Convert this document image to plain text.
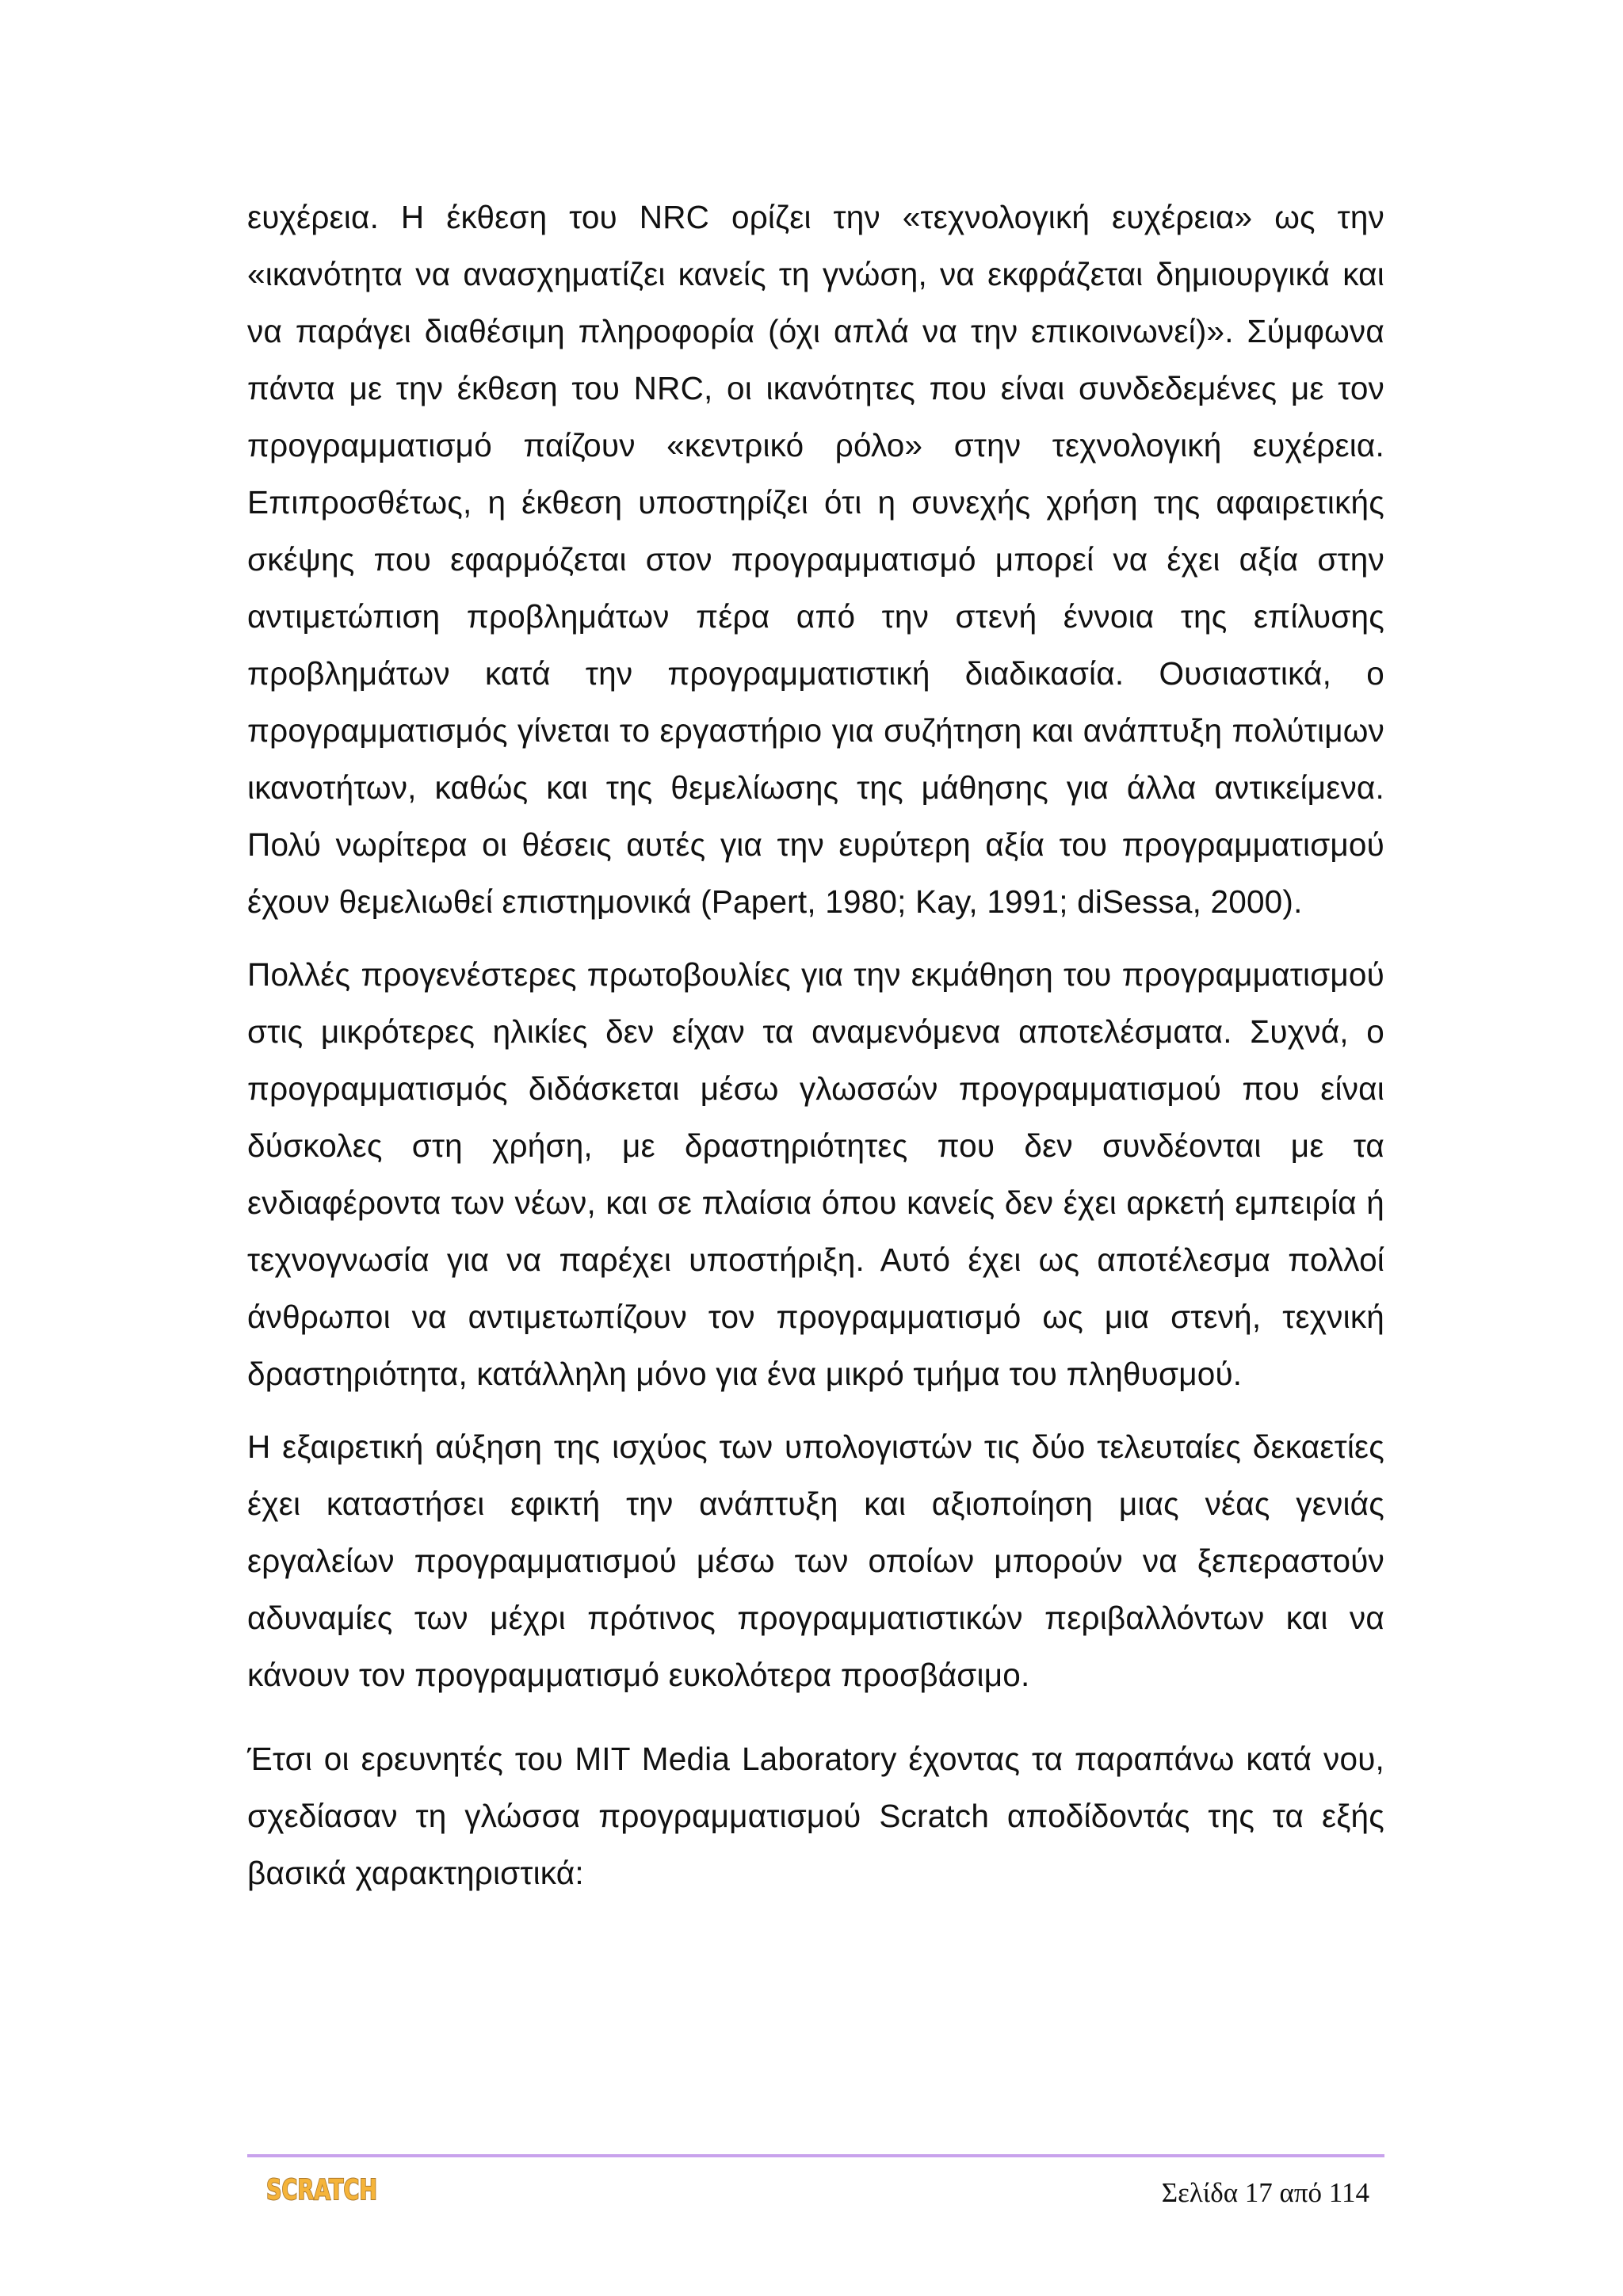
ευχέρεια. Η έκθεση του NRC ορίζει την «τεχνολογική ευχέρεια» ως την «ικανότητα να ανασχηματίζει κανείς τη γνώση, να εκφράζεται δημιουργικά και να παράγει διαθέσιμη πληροφορία (όχι απλά να την επικοινωνεί)». Σύμφωνα πάντα με την έκθεση του NRC, οι ικανότητες που είναι συνδεδεμένες με τον προγραμματισμό παίζουν «κεντρικό ρόλο» στην τεχνολογική ευχέρεια. Επιπροσθέτως, η έκθεση υποστηρίζει ότι η συνεχής χρήση της αφαιρετικής σκέψης που εφαρμόζεται στον προγραμματισμό μπορεί να έχει αξία στην αντιμετώπιση προβλημάτων πέρα από την στενή έννοια της επίλυσης προβλημάτων κατά την προγραμματιστική διαδικασία. Ουσιαστικά, ο προγραμματισμός γίνεται το εργαστήριο για συζήτηση και ανάπτυξη πολύτιμων ικανοτήτων, καθώς και της θεμελίωσης της μάθησης για άλλα αντικείμενα. Πολύ νωρίτερα οι θέσεις αυτές για την ευρύτερη αξία του προγραμματισμού έχουν θεμελιωθεί επιστημονικά (Papert, 1980; Kay, 1991; diSessa, 2000).

Πολλές προγενέστερες πρωτοβουλίες για την εκμάθηση του προγραμματισμού στις μικρότερες ηλικίες δεν είχαν τα αναμενόμενα αποτελέσματα. Συχνά, ο προγραμματισμός διδάσκεται μέσω γλωσσών προγραμματισμού που είναι δύσκολες στη χρήση, με δραστηριότητες που δεν συνδέονται με τα ενδιαφέροντα των νέων, και σε πλαίσια όπου κανείς δεν έχει αρκετή εμπειρία ή τεχνογνωσία για να παρέχει υποστήριξη. Αυτό έχει ως αποτέλεσμα πολλοί άνθρωποι να αντιμετωπίζουν τον προγραμματισμό ως μια στενή, τεχνική δραστηριότητα, κατάλληλη μόνο για ένα μικρό τμήμα του πληθυσμού.

Η εξαιρετική αύξηση της ισχύος των υπολογιστών τις δύο τελευταίες δεκαετίες έχει καταστήσει εφικτή την ανάπτυξη και αξιοποίηση μιας νέας γενιάς εργαλείων προγραμματισμού μέσω των οποίων μπορούν να ξεπεραστούν αδυναμίες των μέχρι πρότινος προγραμματιστικών περιβαλλόντων και να κάνουν τον προγραμματισμό ευκολότερα προσβάσιμο.

Έτσι οι ερευνητές του MIT Media Laboratory έχοντας τα παραπάνω κατά νου, σχεδίασαν τη γλώσσα προγραμματισμού Scratch αποδίδοντάς της τα εξής βασικά χαρακτηριστικά:

SCRATCH	Σελίδα 17 από 114
